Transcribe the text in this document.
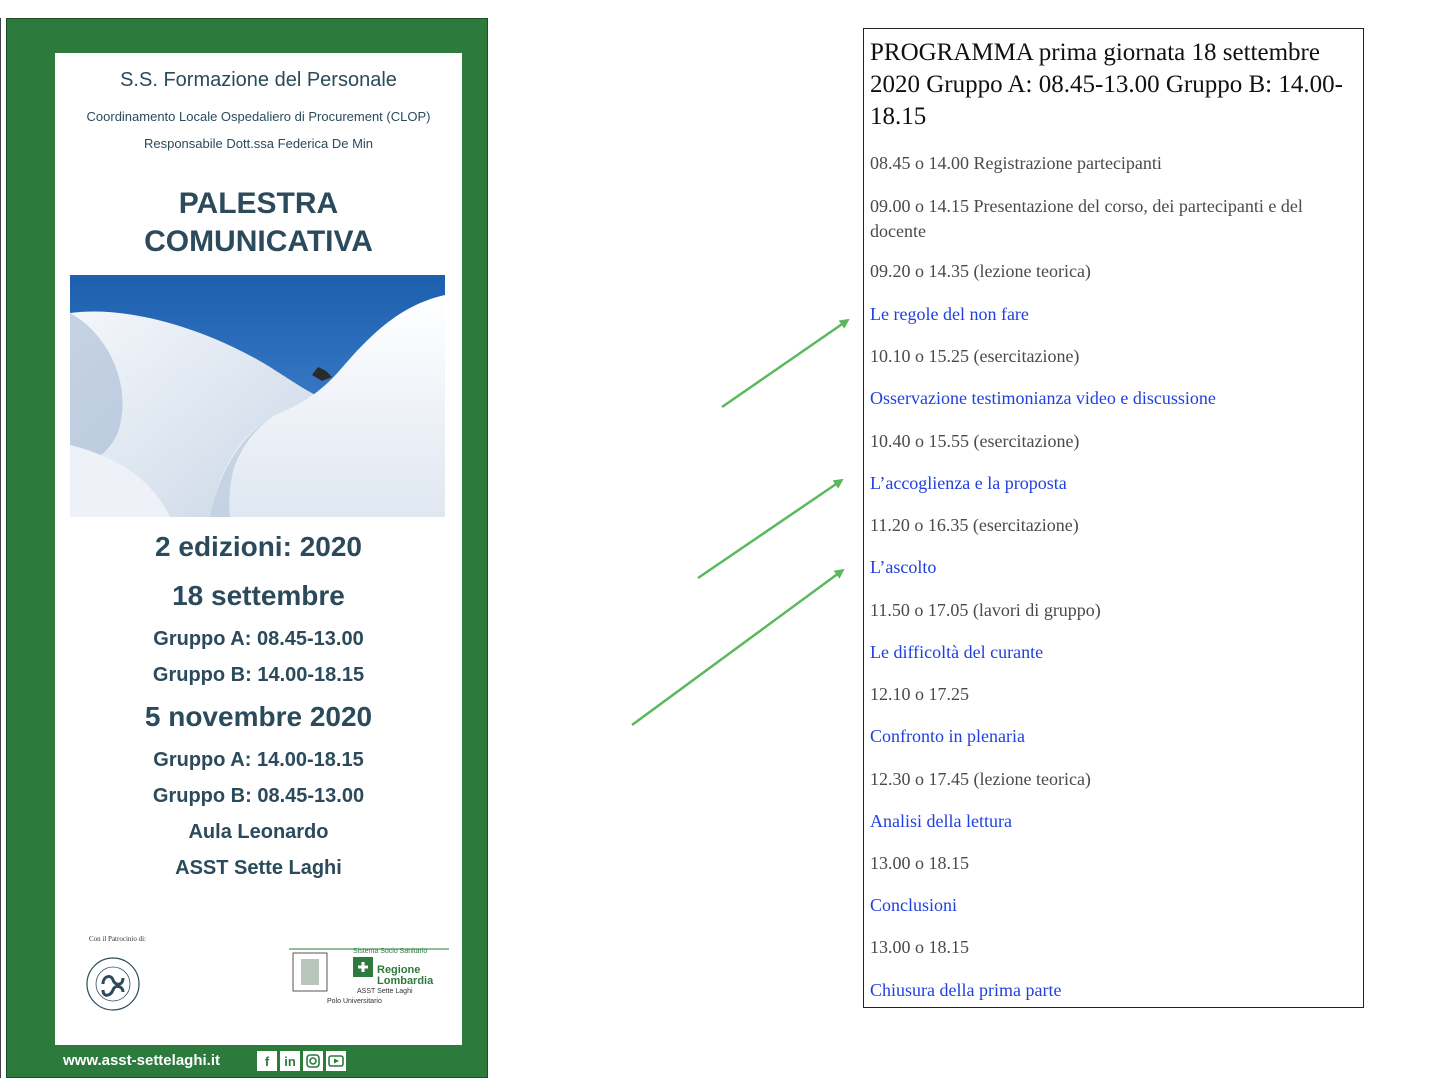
S.S. Formazione del Personale
Coordinamento Locale Ospedaliero di Procurement (CLOP)
Responsabile Dott.ssa Federica De Min
PALESTRA
COMUNICATIVA
2 edizioni: 2020
18 settembre
Gruppo A: 08.45-13.00
Gruppo B: 14.00-18.15
5 novembre 2020
Gruppo A: 14.00-18.15
Gruppo B: 08.45-13.00
Aula Leonardo
ASST Sette Laghi
Con il Patrocinio di:
Sistema Socio Sanitario
Regione
Lombardia
ASST Sette Laghi
Polo Universitario
www.asst-settelaghi.it	f	in
PROGRAMMA prima giornata 18 settembre 2020 Gruppo A: 08.45-13.00 Gruppo B: 14.00-18.15
08.45 o 14.00 Registrazione partecipanti
09.00 o 14.15 Presentazione del corso, dei partecipanti e del docente
09.20 o 14.35 (lezione teorica)
Le regole del non fare
10.10 o 15.25 (esercitazione)
Osservazione testimonianza video e discussione
10.40 o 15.55 (esercitazione)
L’accoglienza e la proposta
11.20 o 16.35 (esercitazione)
L’ascolto
11.50 o 17.05 (lavori di gruppo)
Le difficoltà del curante
12.10 o 17.25
Confronto in plenaria
12.30 o 17.45 (lezione teorica)
Analisi della lettura
13.00 o 18.15
Conclusioni
13.00 o 18.15
Chiusura della prima parte
